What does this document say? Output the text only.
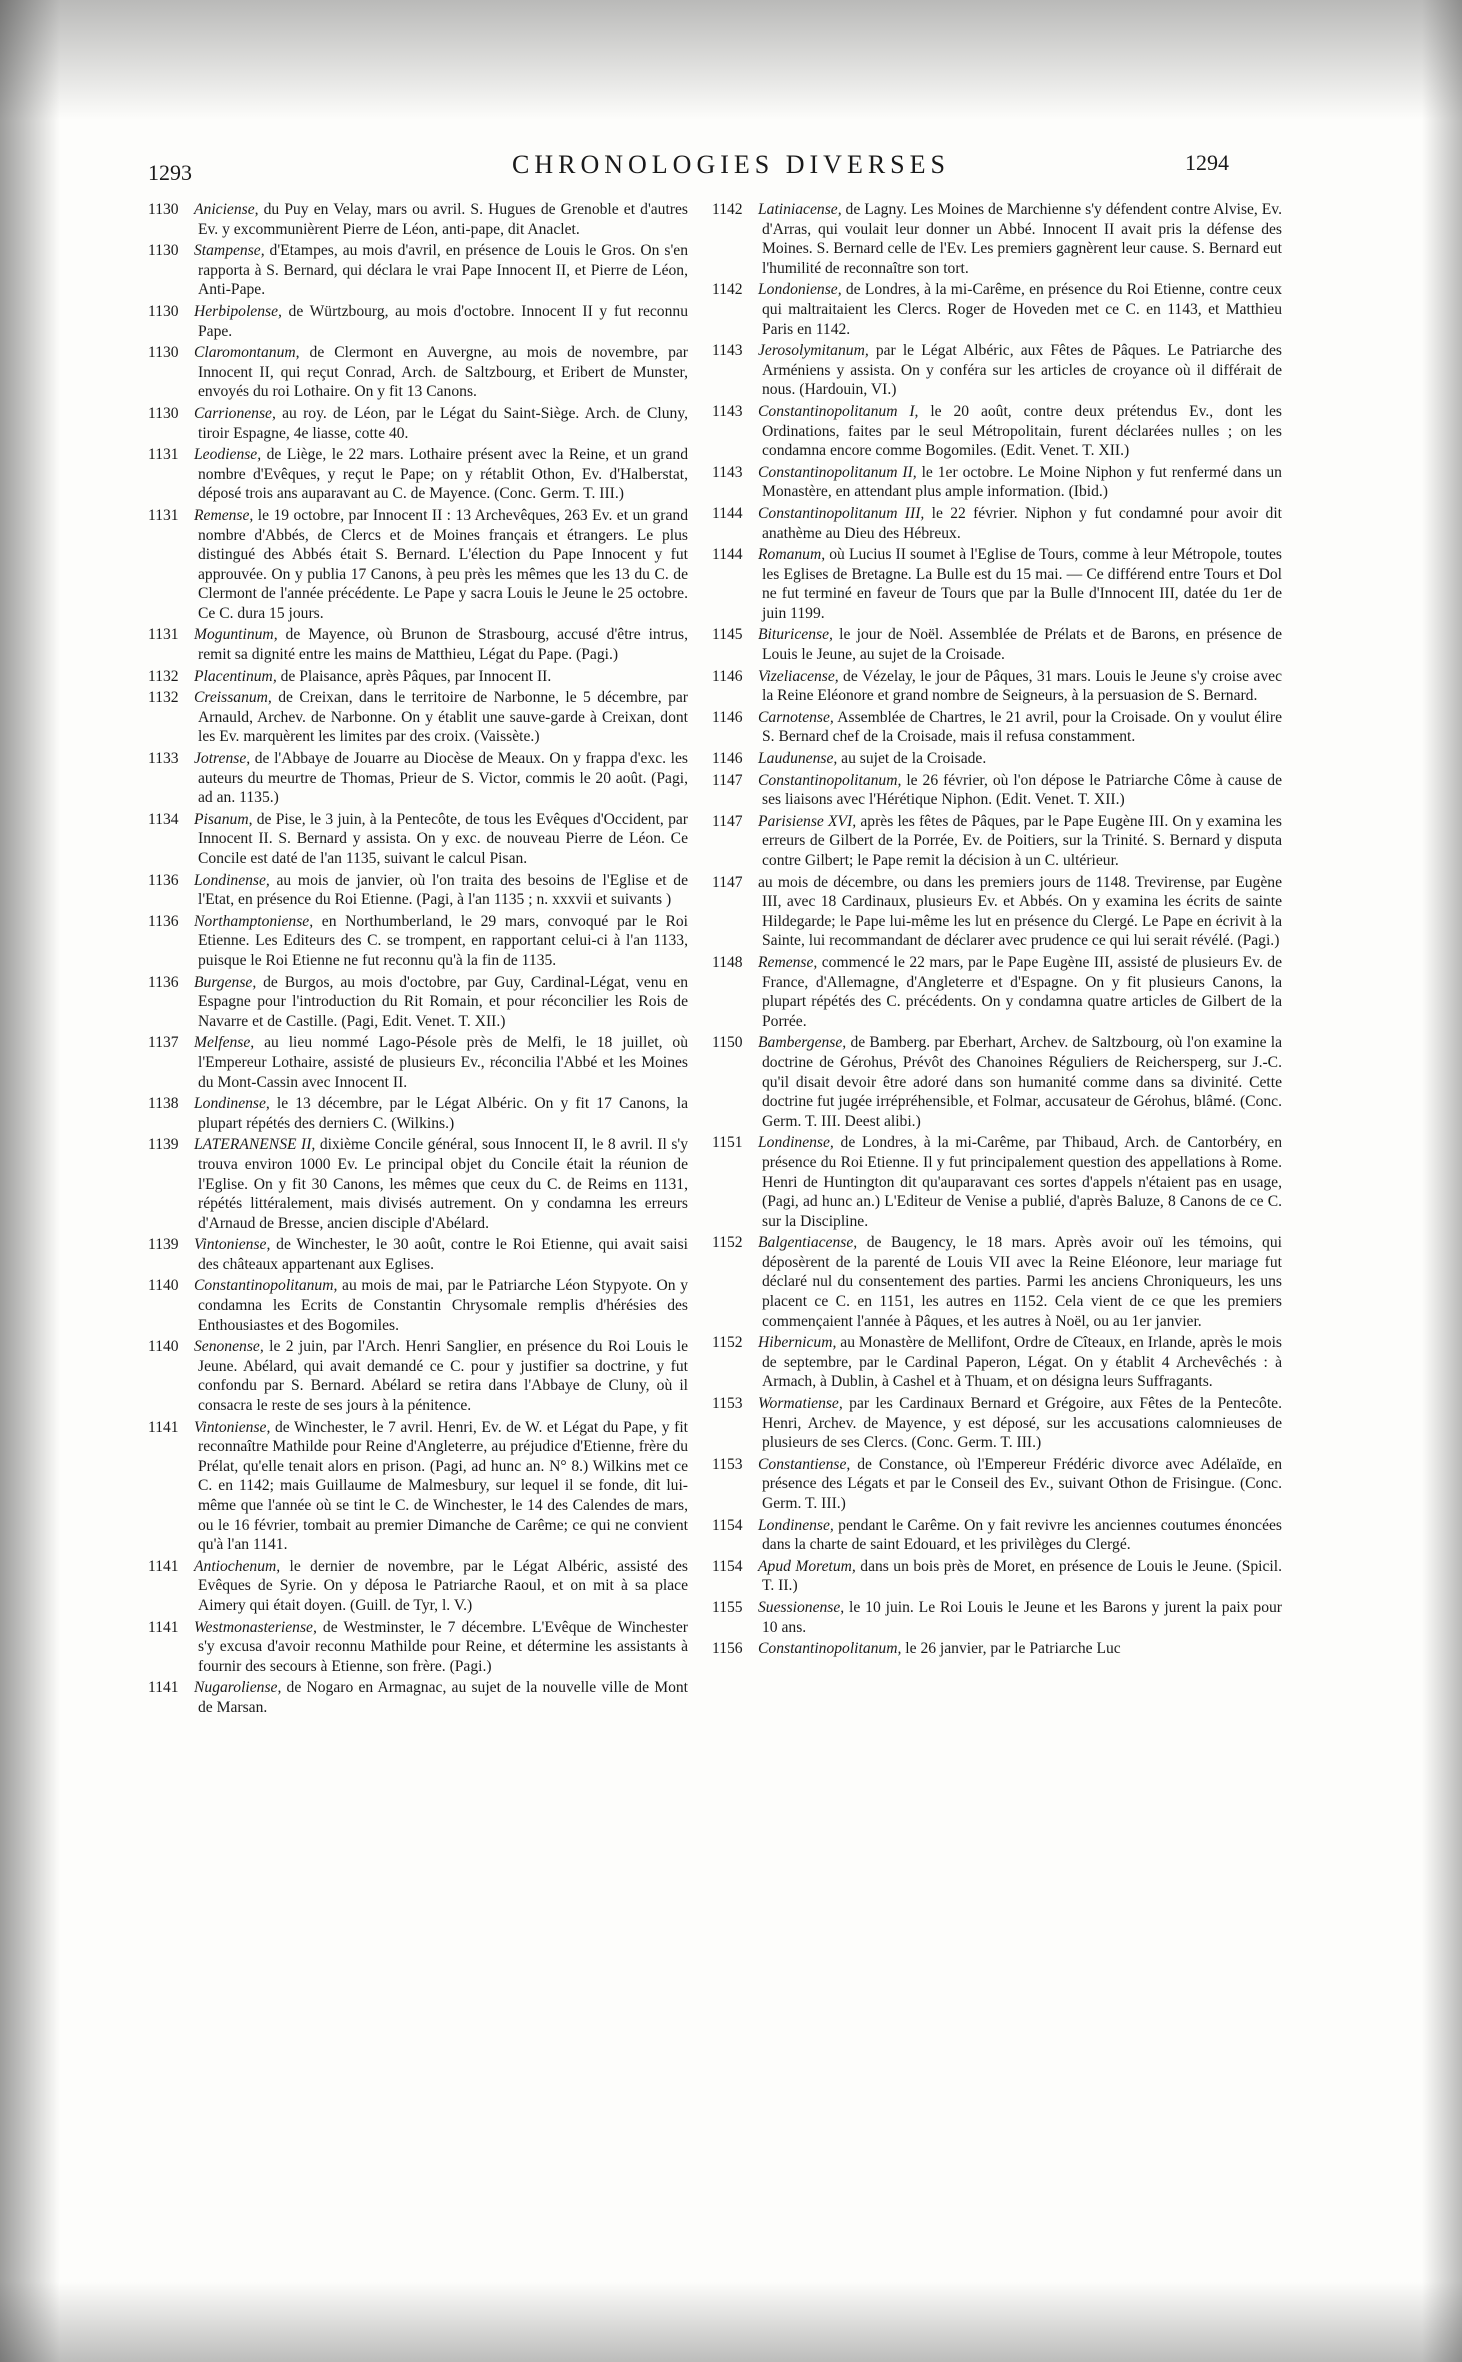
1293	CHRONOLOGIES DIVERSES	1294
1130 Aniciense, du Puy en Velay, mars ou avril. S. Hugues de Grenoble et d'autres Ev. y excommunièrent Pierre de Léon, anti-pape, dit Anaclet.
1130 Stampense, d'Etampes, au mois d'avril, en présence de Louis le Gros. On s'en rapporta à S. Bernard, qui déclara le vrai Pape Innocent II, et Pierre de Léon, Anti-Pape.
1130 Herbipolense, de Würtzbourg, au mois d'octobre. Innocent II y fut reconnu Pape.
1130 Claromontanum, de Clermont en Auvergne, au mois de novembre, par Innocent II, qui reçut Conrad, Arch. de Saltzbourg, et Eribert de Munster, envoyés du roi Lothaire. On y fit 13 Canons.
1130 Carrionense, au roy. de Léon, par le Légat du Saint-Siège. Arch. de Cluny, tiroir Espagne, 4e liasse, cotte 40.
1131 Leodiense, de Liège, le 22 mars. Lothaire présent avec la Reine, et un grand nombre d'Evêques, y reçut le Pape; on y rétablit Othon, Ev. d'Halberstat, déposé trois ans auparavant au C. de Mayence. (Conc. Germ. T. III.)
1131 Remense, le 19 octobre, par Innocent II : 13 Archevêques, 263 Ev. et un grand nombre d'Abbés, de Clercs et de Moines français et étrangers. Le plus distingué des Abbés était S. Bernard. L'élection du Pape Innocent y fut approuvée. On y publia 17 Canons, à peu près les mêmes que les 13 du C. de Clermont de l'année précédente. Le Pape y sacra Louis le Jeune le 25 octobre. Ce C. dura 15 jours.
1131 Moguntinum, de Mayence, où Brunon de Strasbourg, accusé d'être intrus, remit sa dignité entre les mains de Matthieu, Légat du Pape. (Pagi.)
1132 Placentinum, de Plaisance, après Pâques, par Innocent II.
1132 Creissanum, de Creixan, dans le territoire de Narbonne, le 5 décembre, par Arnauld, Archev. de Narbonne. On y établit une sauve-garde à Creixan, dont les Ev. marquèrent les limites par des croix. (Vaissète.)
1133 Jotrense, de l'Abbaye de Jouarre au Diocèse de Meaux. On y frappa d'exc. les auteurs du meurtre de Thomas, Prieur de S. Victor, commis le 20 août. (Pagi, ad an. 1135.)
1134 Pisanum, de Pise, le 3 juin, à la Pentecôte, de tous les Evêques d'Occident, par Innocent II. S. Bernard y assista. On y exc. de nouveau Pierre de Léon. Ce Concile est daté de l'an 1135, suivant le calcul Pisan.
1136 Londinense, au mois de janvier, où l'on traita des besoins de l'Eglise et de l'Etat, en présence du Roi Etienne. (Pagi, à l'an 1135 ; n. xxxvii et suivants )
1136 Northamptoniense, en Northumberland, le 29 mars, convoqué par le Roi Etienne. Les Editeurs des C. se trompent, en rapportant celui-ci à l'an 1133, puisque le Roi Etienne ne fut reconnu qu'à la fin de 1135.
1136 Burgense, de Burgos, au mois d'octobre, par Guy, Cardinal-Légat, venu en Espagne pour l'introduction du Rit Romain, et pour réconcilier les Rois de Navarre et de Castille. (Pagi, Edit. Venet. T. XII.)
1137 Melfense, au lieu nommé Lago-Pésole près de Melfi, le 18 juillet, où l'Empereur Lothaire, assisté de plusieurs Ev., réconcilia l'Abbé et les Moines du Mont-Cassin avec Innocent II.
1138 Londinense, le 13 décembre, par le Légat Albéric. On y fit 17 Canons, la plupart répétés des derniers C. (Wilkins.)
1139 LATERANENSE II, dixième Concile général, sous Innocent II, le 8 avril. Il s'y trouva environ 1000 Ev. Le principal objet du Concile était la réunion de l'Eglise. On y fit 30 Canons, les mêmes que ceux du C. de Reims en 1131, répétés littéralement, mais divisés autrement. On y condamna les erreurs d'Arnaud de Bresse, ancien disciple d'Abélard.
1139 Vintoniense, de Winchester, le 30 août, contre le Roi Etienne, qui avait saisi des châteaux appartenant aux Eglises.
1140 Constantinopolitanum, au mois de mai, par le Patriarche Léon Stypyote. On y condamna les Ecrits de Constantin Chrysomale remplis d'hérésies des Enthousiastes et des Bogomiles.
1140 Senonense, le 2 juin, par l'Arch. Henri Sanglier, en présence du Roi Louis le Jeune. Abélard, qui avait demandé ce C. pour y justifier sa doctrine, y fut confondu par S. Bernard. Abélard se retira dans l'Abbaye de Cluny, où il consacra le reste de ses jours à la pénitence.
1141 Vintoniense, de Winchester, le 7 avril. Henri, Ev. de W. et Légat du Pape, y fit reconnaître Mathilde pour Reine d'Angleterre, au préjudice d'Etienne, frère du Prélat, qu'elle tenait alors en prison. (Pagi, ad hunc an. N° 8.) Wilkins met ce C. en 1142; mais Guillaume de Malmesbury, sur lequel il se fonde, dit lui-même que l'année où se tint le C. de Winchester, le 14 des Calendes de mars, ou le 16 février, tombait au premier Dimanche de Carême; ce qui ne convient qu'à l'an 1141.
1141 Antiochenum, le dernier de novembre, par le Légat Albéric, assisté des Evêques de Syrie. On y déposa le Patriarche Raoul, et on mit à sa place Aimery qui était doyen. (Guill. de Tyr, l. V.)
1141 Westmonasteriense, de Westminster, le 7 décembre. L'Evêque de Winchester s'y excusa d'avoir reconnu Mathilde pour Reine, et détermine les assistants à fournir des secours à Etienne, son frère. (Pagi.)
1141 Nugaroliense, de Nogaro en Armagnac, au sujet de la nouvelle ville de Mont de Marsan.
1142 Latiniacense, de Lagny. Les Moines de Marchienne s'y défendent contre Alvise, Ev. d'Arras, qui voulait leur donner un Abbé. Innocent II avait pris la défense des Moines. S. Bernard celle de l'Ev. Les premiers gagnèrent leur cause. S. Bernard eut l'humilité de reconnaître son tort.
1142 Londoniense, de Londres, à la mi-Carême, en présence du Roi Etienne, contre ceux qui maltraitaient les Clercs. Roger de Hoveden met ce C. en 1143, et Matthieu Paris en 1142.
1143 Jerosolymitanum, par le Légat Albéric, aux Fêtes de Pâques. Le Patriarche des Arméniens y assista. On y conféra sur les articles de croyance où il différait de nous. (Hardouin, VI.)
1143 Constantinopolitanum I, le 20 août, contre deux prétendus Ev., dont les Ordinations, faites par le seul Métropolitain, furent déclarées nulles ; on les condamna encore comme Bogomiles. (Edit. Venet. T. XII.)
1143 Constantinopolitanum II, le 1er octobre. Le Moine Niphon y fut renfermé dans un Monastère, en attendant plus ample information. (Ibid.)
1144 Constantinopolitanum III, le 22 février. Niphon y fut condamné pour avoir dit anathème au Dieu des Hébreux.
1144 Romanum, où Lucius II soumet à l'Eglise de Tours, comme à leur Métropole, toutes les Eglises de Bretagne. La Bulle est du 15 mai. — Ce différend entre Tours et Dol ne fut terminé en faveur de Tours que par la Bulle d'Innocent III, datée du 1er de juin 1199.
1145 Bituricense, le jour de Noël. Assemblée de Prélats et de Barons, en présence de Louis le Jeune, au sujet de la Croisade.
1146 Vizeliacense, de Vézelay, le jour de Pâques, 31 mars. Louis le Jeune s'y croise avec la Reine Eléonore et grand nombre de Seigneurs, à la persuasion de S. Bernard.
1146 Carnotense, Assemblée de Chartres, le 21 avril, pour la Croisade. On y voulut élire S. Bernard chef de la Croisade, mais il refusa constamment.
1146 Laudunense, au sujet de la Croisade.
1147 Constantinopolitanum, le 26 février, où l'on dépose le Patriarche Côme à cause de ses liaisons avec l'Hérétique Niphon. (Edit. Venet. T. XII.)
1147 Parisiense XVI, après les fêtes de Pâques, par le Pape Eugène III. On y examina les erreurs de Gilbert de la Porrée, Ev. de Poitiers, sur la Trinité. S. Bernard y disputa contre Gilbert; le Pape remit la décision à un C. ultérieur.
1147 au mois de décembre, ou dans les premiers jours de 1148. Trevirense, par Eugène III, avec 18 Cardinaux, plusieurs Ev. et Abbés. On y examina les écrits de sainte Hildegarde; le Pape lui-même les lut en présence du Clergé. Le Pape en écrivit à la Sainte, lui recommandant de déclarer avec prudence ce qui lui serait révélé. (Pagi.)
1148 Remense, commencé le 22 mars, par le Pape Eugène III, assisté de plusieurs Ev. de France, d'Allemagne, d'Angleterre et d'Espagne. On y fit plusieurs Canons, la plupart répétés des C. précédents. On y condamna quatre articles de Gilbert de la Porrée.
1150 Bambergense, de Bamberg. par Eberhart, Archev. de Saltzbourg, où l'on examine la doctrine de Gérohus, Prévôt des Chanoines Réguliers de Reichersperg, sur J.-C. qu'il disait devoir être adoré dans son humanité comme dans sa divinité. Cette doctrine fut jugée irrépréhensible, et Folmar, accusateur de Gérohus, blâmé. (Conc. Germ. T. III. Deest alibi.)
1151 Londinense, de Londres, à la mi-Carême, par Thibaud, Arch. de Cantorbéry, en présence du Roi Etienne. Il y fut principalement question des appellations à Rome. Henri de Huntington dit qu'auparavant ces sortes d'appels n'étaient pas en usage, (Pagi, ad hunc an.) L'Editeur de Venise a publié, d'après Baluze, 8 Canons de ce C. sur la Discipline.
1152 Balgentiacense, de Baugency, le 18 mars. Après avoir ouï les témoins, qui déposèrent de la parenté de Louis VII avec la Reine Eléonore, leur mariage fut déclaré nul du consentement des parties. Parmi les anciens Chroniqueurs, les uns placent ce C. en 1151, les autres en 1152. Cela vient de ce que les premiers commençaient l'année à Pâques, et les autres à Noël, ou au 1er janvier.
1152 Hibernicum, au Monastère de Mellifont, Ordre de Cîteaux, en Irlande, après le mois de septembre, par le Cardinal Paperon, Légat. On y établit 4 Archevêchés : à Armach, à Dublin, à Cashel et à Thuam, et on désigna leurs Suffragants.
1153 Wormatiense, par les Cardinaux Bernard et Grégoire, aux Fêtes de la Pentecôte. Henri, Archev. de Mayence, y est déposé, sur les accusations calomnieuses de plusieurs de ses Clercs. (Conc. Germ. T. III.)
1153 Constantiense, de Constance, où l'Empereur Frédéric divorce avec Adélaïde, en présence des Légats et par le Conseil des Ev., suivant Othon de Frisingue. (Conc. Germ. T. III.)
1154 Londinense, pendant le Carême. On y fait revivre les anciennes coutumes énoncées dans la charte de saint Edouard, et les privilèges du Clergé.
1154 Apud Moretum, dans un bois près de Moret, en présence de Louis le Jeune. (Spicil. T. II.)
1155 Suessionense, le 10 juin. Le Roi Louis le Jeune et les Barons y jurent la paix pour 10 ans.
1156 Constantinopolitanum, le 26 janvier, par le Patriarche Luc
